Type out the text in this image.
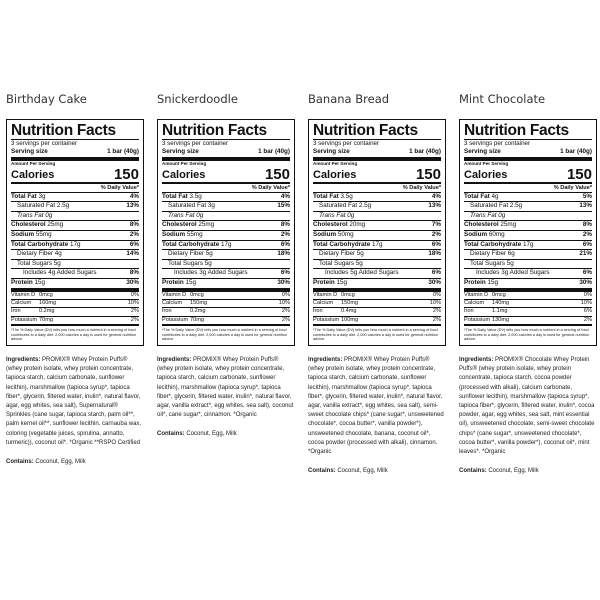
Birthday Cake
Nutrition Facts
3 servings per container
Serving size	1 bar (40g)
Amount Per Serving
Calories	150
% Daily Value*
Total Fat 3g	4%
Saturated Fat 2.5g	13%
Trans Fat 0g
Cholesterol 25mg	8%
Sodium 55mg	2%
Total Carbohydrate 17g	6%
Dietary Fiber 4g	14%
Total Sugars 5g
Includes 4g Added Sugars	8%
Protein 15g	30%
Vitamin D 0mcg	0%
Calcium 160mg	10%
Iron	0.2mg	2%
Potassium 70mg	2%
*The % Daily Value (DV) tells you how much a nutrient in a serving of food contributes to a daily diet. 2,000 calories a day is used for general nutrition advice.
Ingredients: PROMIX® Whey Protein Puffs® (whey protein isolate, whey protein concentrate, tapioca starch, calcium carbonate, sunflower lecithin), marshmallow (tapioca syrup*, tapioca fiber*, glycerin, filtered water, inulin*, natural flavor, agar, egg whites, sea salt), Supernatural® Sprinkles (cane sugar, tapioca starch, palm oil**, palm kernel oil**, sunflower lecithin, carnauba wax, coloring (vegetable juices, spirulina, annatto, turmeric)), coconut oil*. *Organic **RSPO Certified
Contains: Coconut, Egg, Milk
Snickerdoodle
Nutrition Facts
3 servings per container
Serving size	1 bar (40g)
Amount Per Serving
Calories	150
% Daily Value*
Total Fat 3.5g	4%
Saturated Fat 3g	15%
Trans Fat 0g
Cholesterol 25mg	8%
Sodium 55mg	2%
Total Carbohydrate 17g	6%
Dietary Fiber 5g	18%
Total Sugars 5g
Includes 3g Added Sugars	6%
Protein 15g	30%
Vitamin D 0mcg	0%
Calcium 150mg	10%
Iron	0.2mg	2%
Potassium 70mg	2%
*The % Daily Value (DV) tells you how much a nutrient in a serving of food contributes to a daily diet. 2,000 calories a day is used for general nutrition advice.
Ingredients: PROMIX® Whey Protein Puffs® (whey protein isolate, whey protein concentrate, tapioca starch, calcium carbonate, sunflower lecithin), marshmallow (tapioca syrup*, tapioca fiber*, glycerin, filtered water, inulin*, natural flavor, agar, vanilla extract*, egg whites, sea salt), coconut oil*, cane sugar*, cinnamon. *Organic
Contains: Coconut, Egg, Milk
Banana Bread
Nutrition Facts
3 servings per container
Serving size	1 bar (40g)
Amount Per Serving
Calories	150
% Daily Value*
Total Fat 3.5g	4%
Saturated Fat 2.5g	13%
Trans Fat 0g
Cholesterol 20mg	7%
Sodium 50mg	2%
Total Carbohydrate 17g	6%
Dietary Fiber 5g	18%
Total Sugars 5g
Includes 5g Added Sugars	6%
Protein 15g	30%
Vitamin D 0mcg	0%
Calcium 150mg	10%
Iron	0.4mg	2%
Potassium 100mg	2%
*The % Daily Value (DV) tells you how much a nutrient in a serving of food contributes to a daily diet. 2,000 calories a day is used for general nutrition advice.
Ingredients: PROMIX® Whey Protein Puffs® (whey protein isolate, whey protein concentrate, tapioca starch, calcium carbonate, sunflower lecithin), marshmallow (tapioca syrup*, tapioca fiber*, glycerin, filtered water, inulin*, natural flavor, agar, vanilla extract*, egg whites, sea salt), semi-sweet chocolate chips* (cane sugar*, unsweetened chocolate*, cocoa butter*, vanilla powder*), unsweetened chocolate, banana, coconut oil*, cocoa powder (processed with alkali), cinnamon. *Organic
Contains: Coconut, Egg, Milk
Mint Chocolate
Nutrition Facts
3 servings per container
Serving size	1 bar (40g)
Amount Per Serving
Calories	150
% Daily Value*
Total Fat 4g	5%
Saturated Fat 2.5g	13%
Trans Fat 0g
Cholesterol 25mg	8%
Sodium 60mg	2%
Total Carbohydrate 17g	6%
Dietary Fiber 6g	21%
Total Sugars 5g
Includes 3g Added Sugars	6%
Protein 15g	30%
Vitamin D 0mcg	0%
Calcium 140mg	10%
Iron	1.1mg	6%
Potassium 130mg	2%
*The % Daily Value (DV) tells you how much a nutrient in a serving of food contributes to a daily diet. 2,000 calories a day is used for general nutrition advice.
Ingredients: PROMIX® Chocolate Whey Protein Puffs® (whey protein isolate, whey protein concentrate, tapioca starch, cocoa powder (processed with alkali), calcium carbonate, sunflower lecithin), marshmallow (tapioca syrup*, tapioca fiber*, glycerin, filtered water, inulin*, cocoa powder, agar, egg whites, sea salt, mint essential oil), unsweetened chocolate, semi-sweet chocolate chips* (cane sugar*, unsweetened chocolate*, cocoa butter*, vanilla powder*), coconut oil*, mint leaves*. *Organic
Contains: Coconut, Egg, Milk
